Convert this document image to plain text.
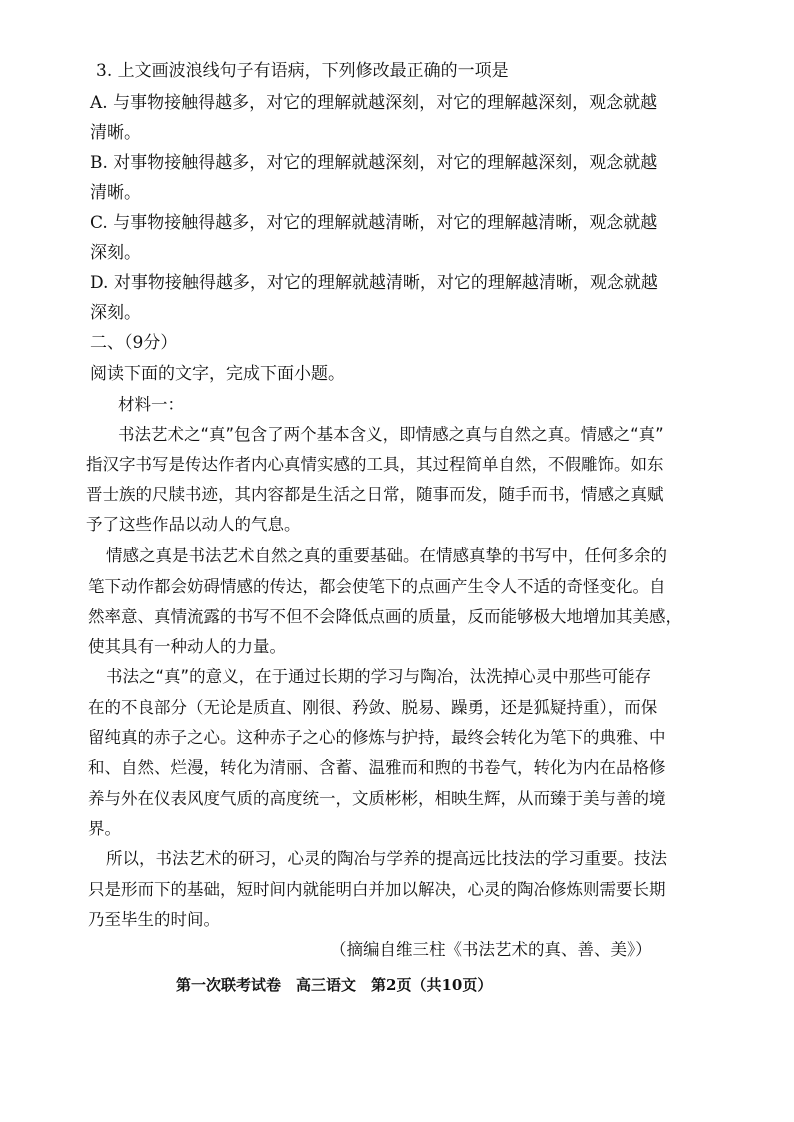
3. 上文画波浪线句子有语病，下列修改最正确的一项是
A. 与事物接触得越多，对它的理解就越深刻，对它的理解越深刻，观念就越
清晰。
B. 对事物接触得越多，对它的理解就越深刻，对它的理解越深刻，观念就越
清晰。
C. 与事物接触得越多，对它的理解就越清晰，对它的理解越清晰，观念就越
深刻。
D. 对事物接触得越多，对它的理解就越清晰，对它的理解越清晰，观念就越
深刻。
二、（9分）
阅读下面的文字，完成下面小题。
材料一：
书法艺术之“真”包含了两个基本含义，即情感之真与自然之真。情感之“真”
指汉字书写是传达作者内心真情实感的工具，其过程简单自然，不假雕饰。如东
晋士族的尺牍书迹，其内容都是生活之日常，随事而发，随手而书，情感之真赋
予了这些作品以动人的气息。
情感之真是书法艺术自然之真的重要基础。在情感真挚的书写中，任何多余的
笔下动作都会妨碍情感的传达，都会使笔下的点画产生令人不适的奇怪变化。自
然率意、真情流露的书写不但不会降低点画的质量，反而能够极大地增加其美感，
使其具有一种动人的力量。
书法之“真”的意义，在于通过长期的学习与陶冶，汰洗掉心灵中那些可能存
在的不良部分（无论是质直、刚很、矜敛、脱易、躁勇，还是狐疑持重），而保
留纯真的赤子之心。这种赤子之心的修炼与护持，最终会转化为笔下的典雅、中
和、自然、烂漫，转化为清丽、含蓄、温雅而和煦的书卷气，转化为内在品格修
养与外在仪表风度气质的高度统一，文质彬彬，相映生辉，从而臻于美与善的境
界。
所以，书法艺术的研习，心灵的陶冶与学养的提高远比技法的学习重要。技法
只是形而下的基础，短时间内就能明白并加以解决，心灵的陶冶修炼则需要长期
乃至毕生的时间。
（摘编自维三柱《书法艺术的真、善、美》）
第一次联考试卷　高三语文　第2页（共10页）
